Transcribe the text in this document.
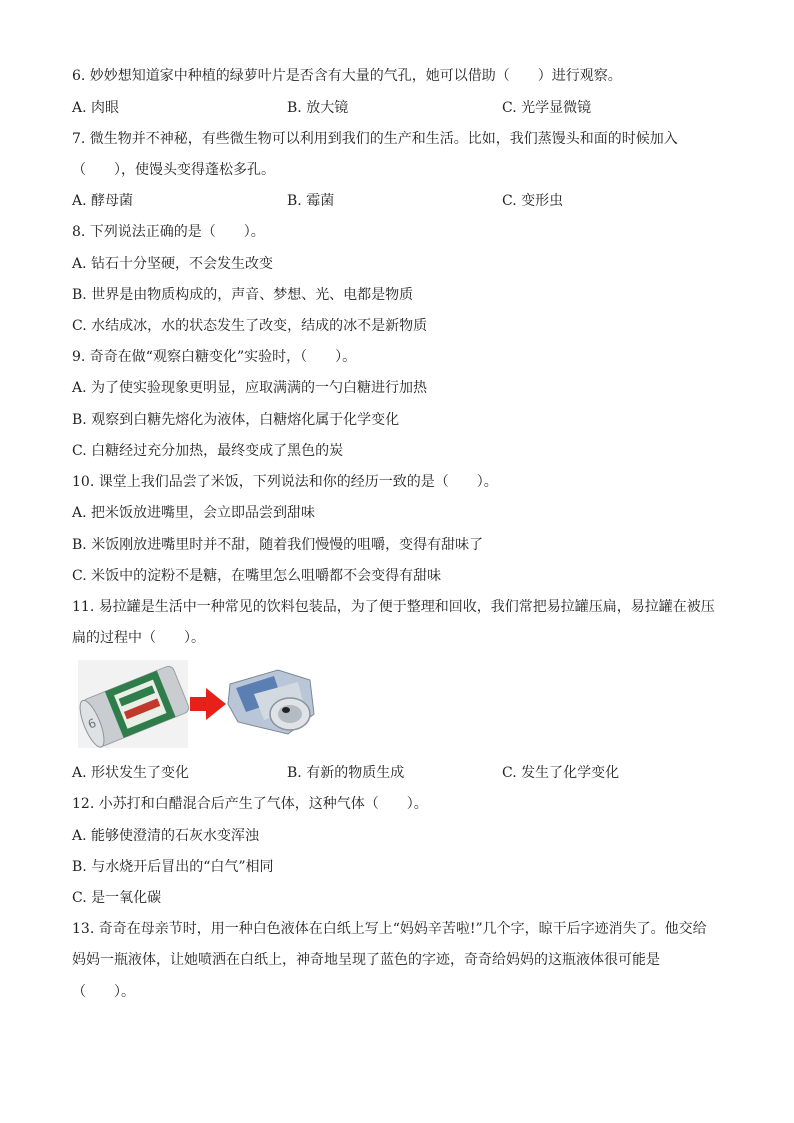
6. 妙妙想知道家中种植的绿萝叶片是否含有大量的气孔，她可以借助（　　）进行观察。
A. 肉眼	B. 放大镜	C. 光学显微镜
7. 微生物并不神秘，有些微生物可以利用到我们的生产和生活。比如，我们蒸馒头和面的时候加入
（　　），使馒头变得蓬松多孔。
A. 酵母菌	B. 霉菌	C. 变形虫
8. 下列说法正确的是（　　）。
A. 钻石十分坚硬，不会发生改变
B. 世界是由物质构成的，声音、梦想、光、电都是物质
C. 水结成冰，水的状态发生了改变，结成的冰不是新物质
9. 奇奇在做“观察白糖变化”实验时，（　　）。
A. 为了使实验现象更明显，应取满满的一勺白糖进行加热
B. 观察到白糖先熔化为液体，白糖熔化属于化学变化
C. 白糖经过充分加热，最终变成了黑色的炭
10. 课堂上我们品尝了米饭，下列说法和你的经历一致的是（　　）。
A. 把米饭放进嘴里，会立即品尝到甜味
B. 米饭刚放进嘴里时并不甜，随着我们慢慢的咀嚼，变得有甜味了
C. 米饭中的淀粉不是糖，在嘴里怎么咀嚼都不会变得有甜味
11. 易拉罐是生活中一种常见的饮料包装品，为了便于整理和回收，我们常把易拉罐压扁，易拉罐在被压
扁的过程中（　　）。
6
A. 形状发生了变化	B. 有新的物质生成	C. 发生了化学变化
12. 小苏打和白醋混合后产生了气体，这种气体（　　）。
A. 能够使澄清的石灰水变浑浊
B. 与水烧开后冒出的“白气”相同
C. 是一氧化碳
13. 奇奇在母亲节时，用一种白色液体在白纸上写上“妈妈辛苦啦!”几个字，晾干后字迹消失了。他交给
妈妈一瓶液体，让她喷洒在白纸上，神奇地呈现了蓝色的字迹，奇奇给妈妈的这瓶液体很可能是
（　　）。
